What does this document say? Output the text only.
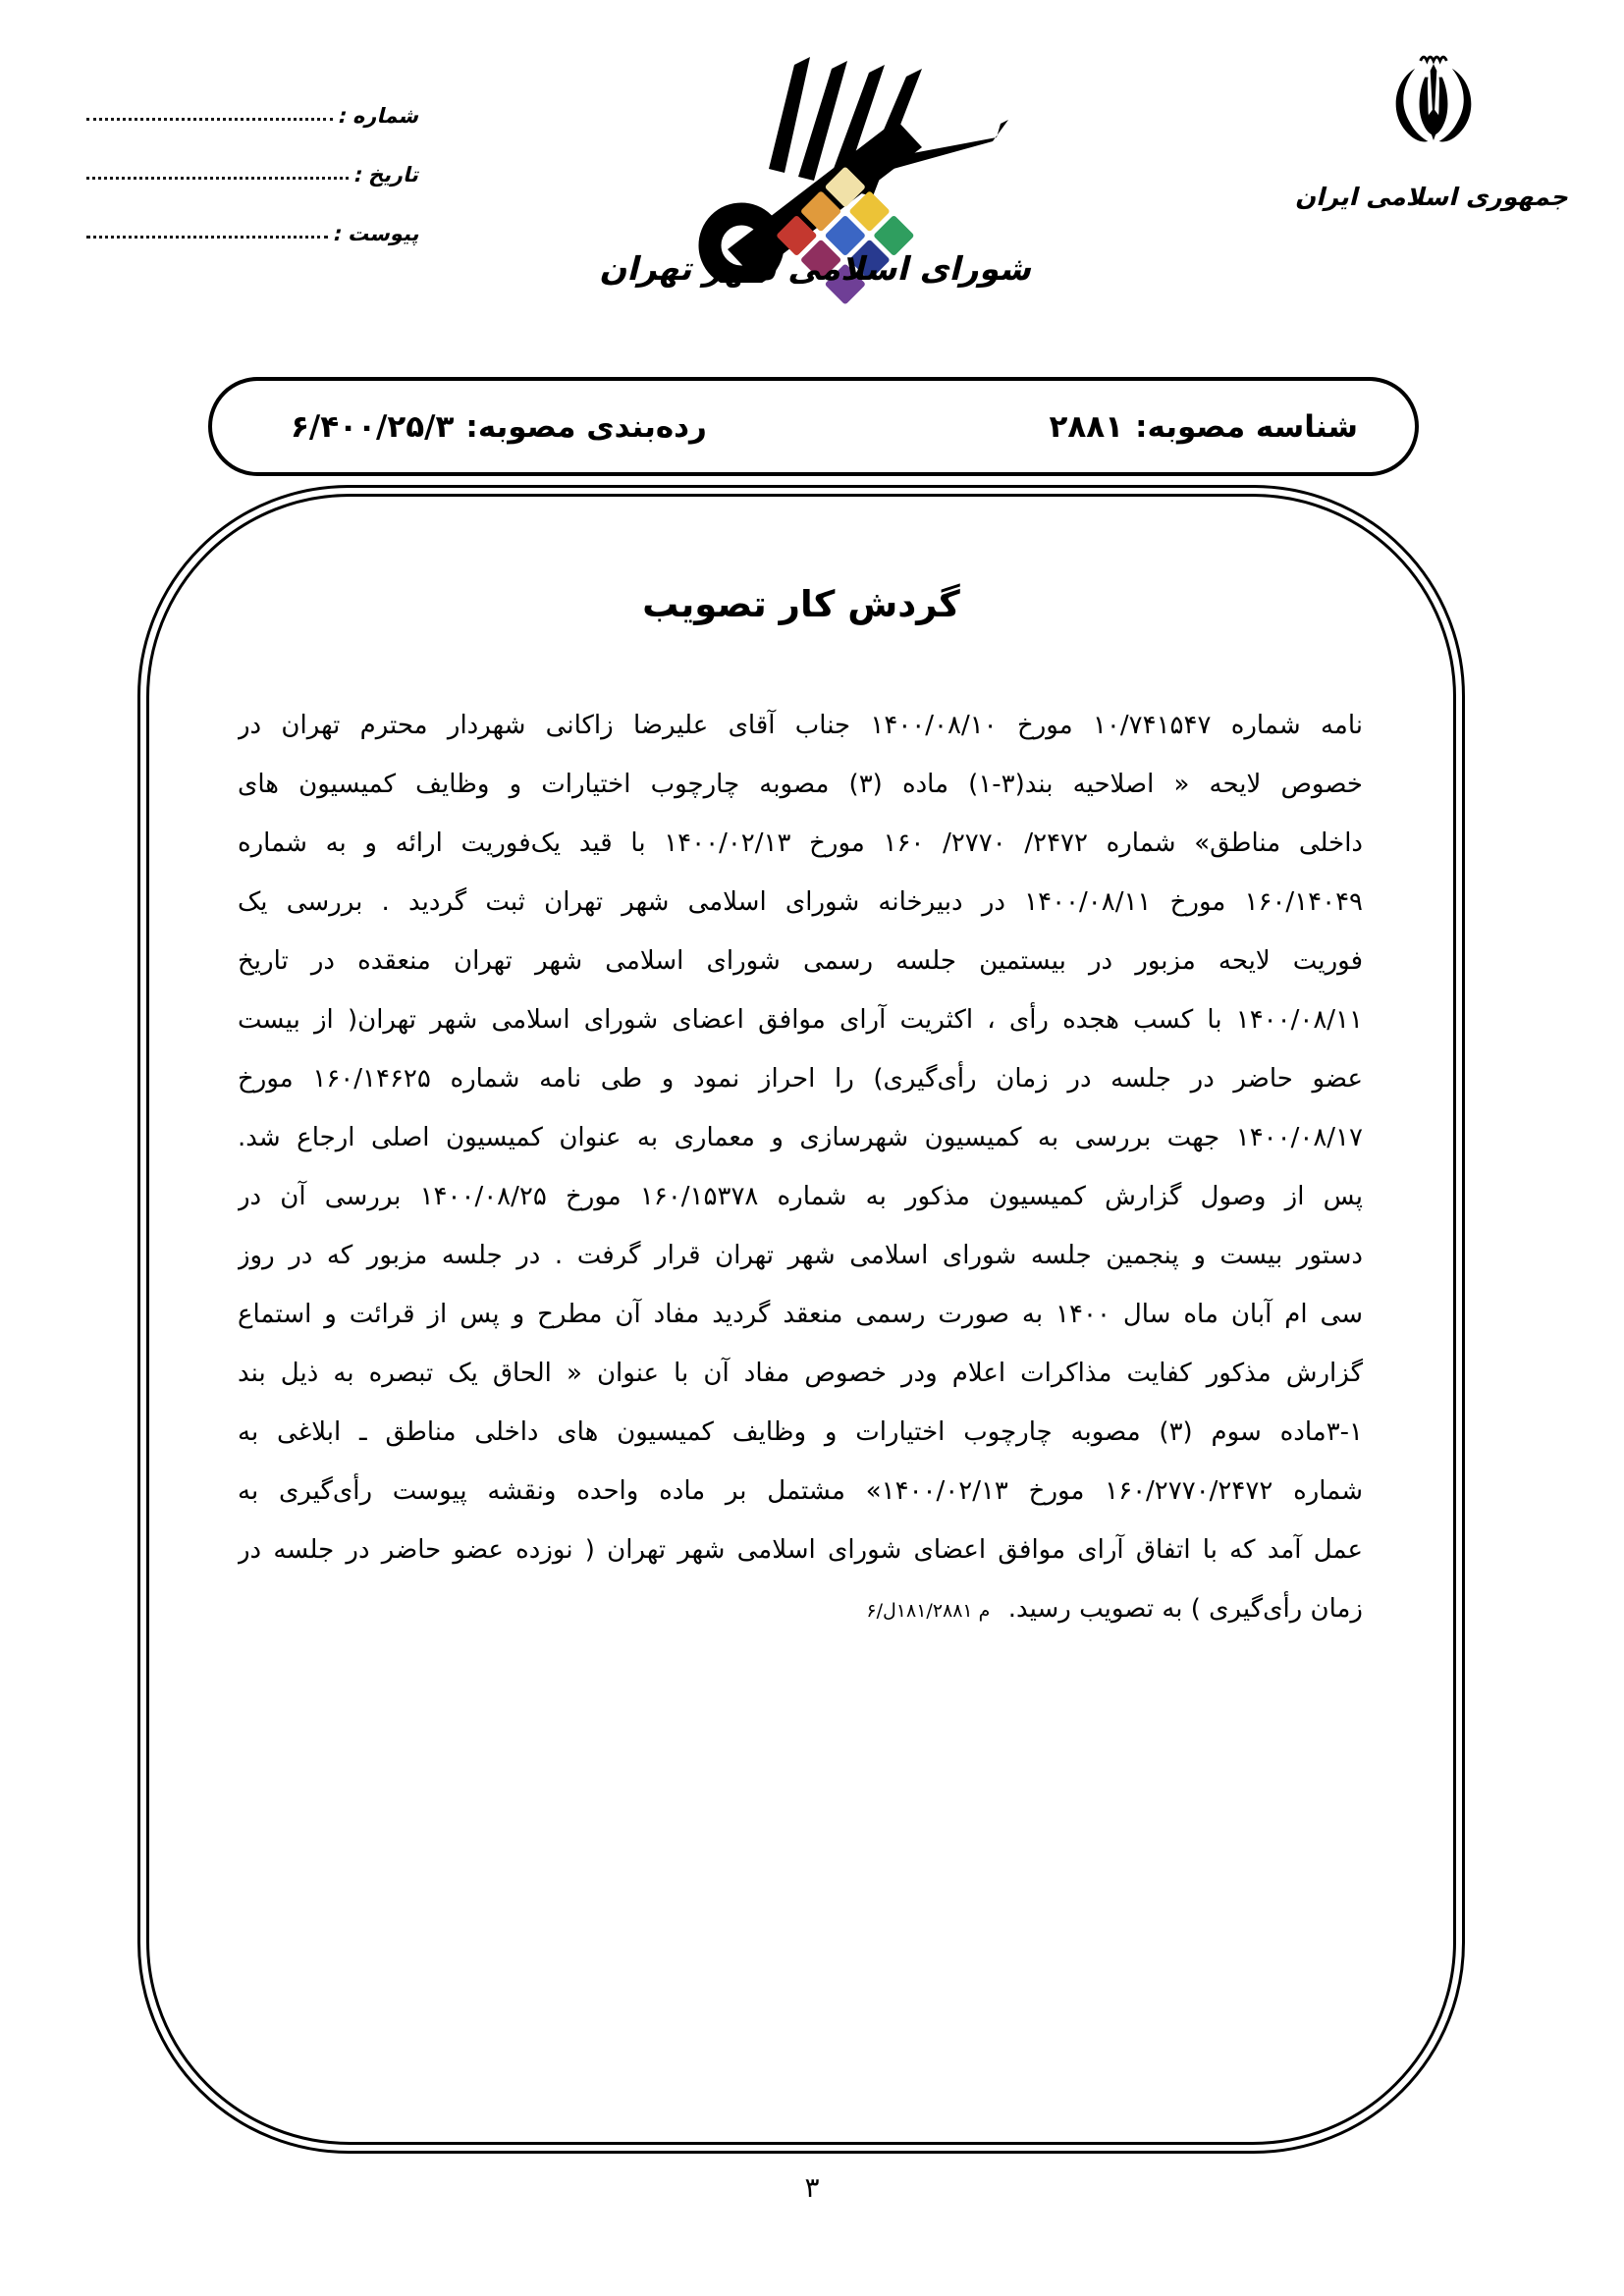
شماره :
تاریخ :
پیوست :
شورای اسلامی شهر تهران
جمهوری اسلامی ایران
شناسه مصوبه:
۲۸۸۱
رده‌بندی مصوبه:
۶/۴۰۰/۲۵/۳
گردش کار تصویب
نامه شماره ۱۰/۷۴۱۵۴۷ مورخ ۱۴۰۰/۰۸/۱۰ جناب آقای علیرضا زاکانی شهردار محترم تهران در
خصوص لایحه « اصلاحیه بند(۳-۱) ماده (۳) مصوبه چارچوب اختیارات و وظایف کمیسیون های
داخلی مناطق» شماره ۲۴۷۲/ ۲۷۷۰/ ۱۶۰ مورخ ۱۴۰۰/۰۲/۱۳ با قید یک‌فوریت ارائه و به شماره
۱۶۰/۱۴۰۴۹ مورخ ۱۴۰۰/۰۸/۱۱ در دبیرخانه شورای اسلامی شهر تهران ثبت گردید . بررسی یک
فوریت لایحه مزبور در بیستمین جلسه رسمی شورای اسلامی شهر تهران منعقده در تاریخ
۱۴۰۰/۰۸/۱۱ با کسب هجده رأی ، اکثریت آرای موافق اعضای شورای اسلامی شهر تهران( از بیست
عضو حاضر در جلسه در زمان رأی‌گیری) را احراز نمود و طی نامه شماره ۱۶۰/۱۴۶۲۵ مورخ
۱۴۰۰/۰۸/۱۷ جهت بررسی به کمیسیون شهرسازی و معماری به عنوان کمیسیون اصلی ارجاع شد.
پس از وصول گزارش کمیسیون مذکور به شماره ۱۶۰/۱۵۳۷۸ مورخ ۱۴۰۰/۰۸/۲۵ بررسی آن در
دستور بیست و پنجمین جلسه شورای اسلامی شهر تهران قرار گرفت . در جلسه مزبور که در روز
سی ام آبان ماه سال ۱۴۰۰ به صورت رسمی منعقد گردید مفاد آن مطرح و پس از قرائت و استماع
گزارش مذکور کفایت مذاکرات اعلام ودر خصوص مفاد آن با عنوان « الحاق یک تبصره به ذیل بند
۳-۱ماده سوم (۳) مصوبه چارچوب اختیارات و وظایف کمیسیون های داخلی مناطق ـ ابلاغی به
شماره ۱۶۰/۲۷۷۰/۲۴۷۲ مورخ ۱۴۰۰/۰۲/۱۳» مشتمل بر ماده واحده ونقشه پیوست رأی‌گیری به
عمل آمد که با اتفاق آرای موافق اعضای شورای اسلامی شهر تهران ( نوزده عضو حاضر در جلسه در
زمان رأی‌گیری ) به تصویب رسید. م ۱۸۱/۲۸۸۱ل/۶
۳
